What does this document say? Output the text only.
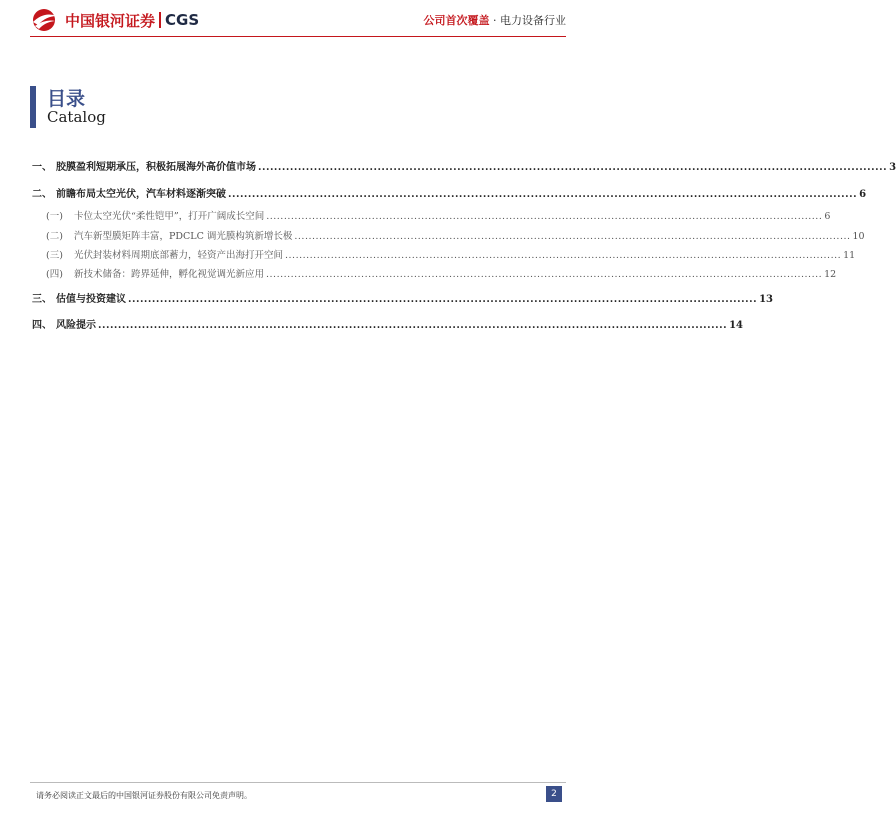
中国银河证券 CGS	公司首次覆盖 · 电力设备行业
目录
Catalog
一、 胶膜盈利短期承压，积极拓展海外高价值市场 .............................................................................................................................................................. 3
二、 前瞻布局太空光伏，汽车材料逐渐突破 .............................................................................................................................................................. 6
(一)	卡位太空光伏“柔性铠甲”，打开广阔成长空间 .............................................................................................................................................................. 6
(二)	汽车新型膜矩阵丰富，PDCLC 调光膜构筑新增长极 .............................................................................................................................................................. 10
(三)	光伏封装材料周期底部蓄力，轻资产出海打开空间 .............................................................................................................................................................. 11
(四)	新技术储备：跨界延伸，孵化视觉调光新应用 .............................................................................................................................................................. 12
三、 估值与投资建议 .............................................................................................................................................................. 13
四、 风险提示 .............................................................................................................................................................. 14
请务必阅读正文最后的中国银河证券股份有限公司免责声明。	2
